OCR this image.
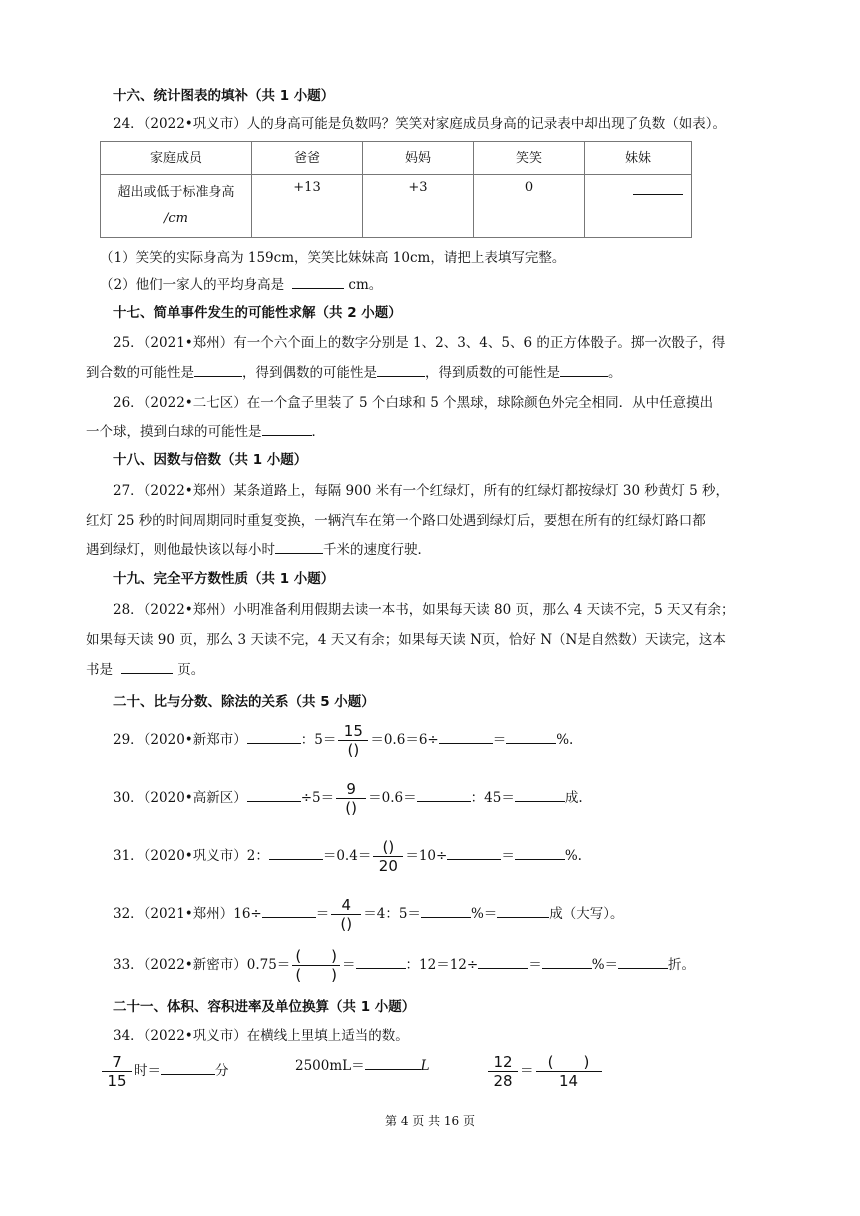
十六、统计图表的填补（共 1 小题）
24．（2022•巩义市）人的身高可能是负数吗？笑笑对家庭成员身高的记录表中却出现了负数（如表）。
家庭成员	爸爸	妈妈	笑笑	妹妹

超出或低于标准身高
/cm	+13	+3	0	
（1）笑笑的实际身高为 159cm，笑笑比妹妹高 10cm，请把上表填写完整。
（2）他们一家人的平均身高是	cm。
十七、简单事件发生的可能性求解（共 2 小题）
25．（2021•郑州）有一个六个面上的数字分别是 1、2、3、4、5、6 的正方体骰子。掷一次骰子，得
到合数的可能性是	，得到偶数的可能性是	，得到质数的可能性是	。
26．（2022•二七区）在一个盒子里装了 5 个白球和 5 个黑球，球除颜色外完全相同．从中任意摸出
一个球，摸到白球的可能性是	．
十八、因数与倍数（共 1 小题）
27．（2022•郑州）某条道路上，每隔 900 米有一个红绿灯，所有的红绿灯都按绿灯 30 秒黄灯 5 秒，
红灯 25 秒的时间周期同时重复变换，一辆汽车在第一个路口处遇到绿灯后，要想在所有的红绿灯路口都
遇到绿灯，则他最快该以每小时	千米的速度行驶．
十九、完全平方数性质（共 1 小题）
28．（2022•郑州）小明准备利用假期去读一本书，如果每天读 80 页，那么 4 天读不完，5 天又有余；
如果每天读 90 页，那么 3 天读不完，4 天又有余；如果每天读 N页，恰好 N（N是自然数）天读完，这本
书是	页。
二十、比与分数、除法的关系（共 5 小题）
29．（2020•新郑市）	：$5= \frac{15}{()} =0.6=6\div$	＝	%.
30．（2020•高新区）	$\div 5= \frac{9}{()} =0.6=$	：45＝	成.
31．（2020•巩义市）2：	$=0.4= \frac{()}{20} =10\div$	＝	%.
32．（2021•郑州）16÷	＝ $\frac{4}{()} =4$：5＝	%＝	成（大写）。
33．（2022•新密市）$0.75= \frac{( )}{( )}$ ＝	：12＝12÷	＝	%＝	折。
二十一、体积、容积进率及单位换算（共 1 小题）
34．（2022•巩义市）在横线上里填上适当的数。
$\frac{7}{15}$ 时＝	分	2500mL＝	L	$\frac{12}{28} = \frac{( )}{14}$
第 4 页 共 16 页
